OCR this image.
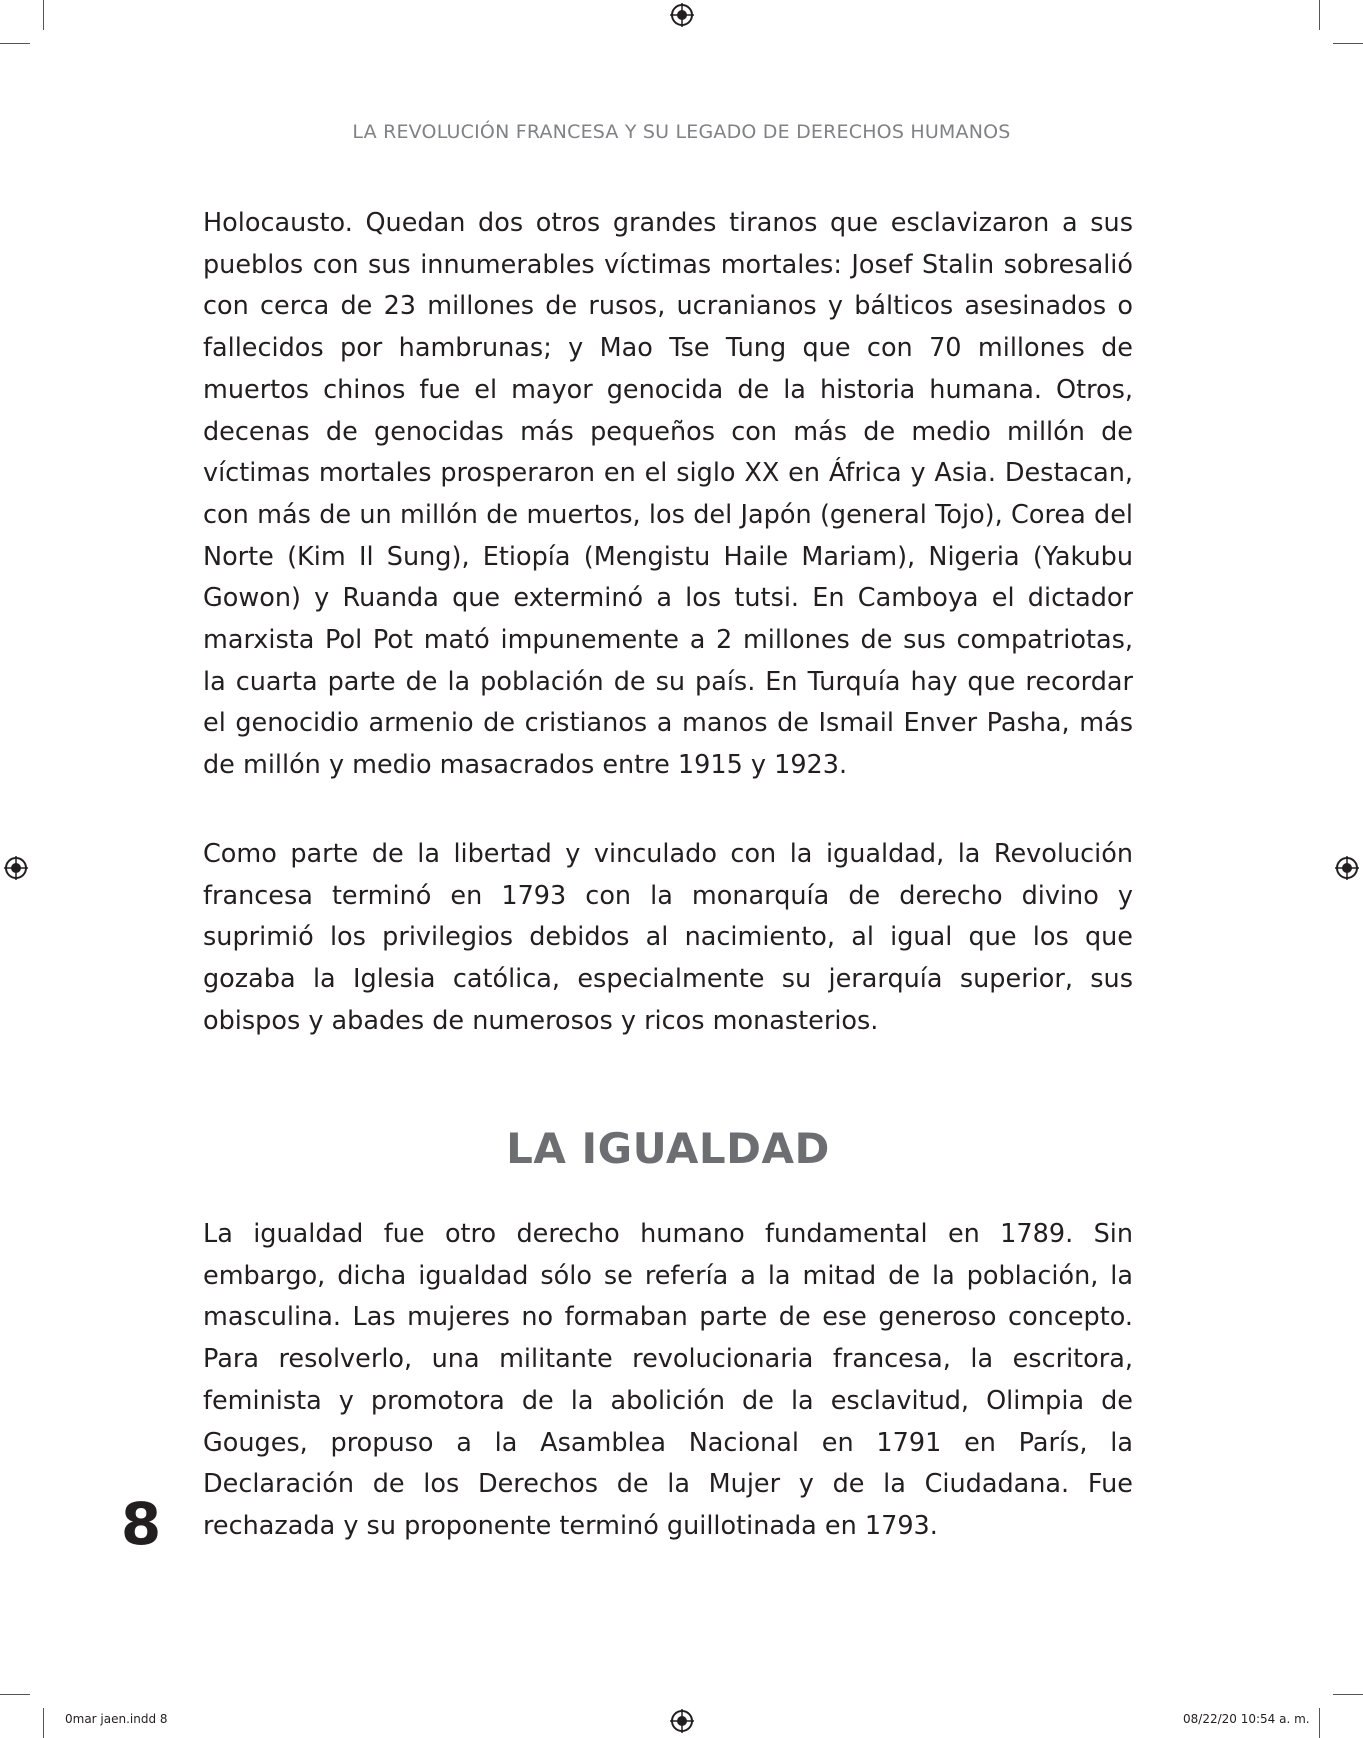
LA REVOLUCIÓN FRANCESA Y SU LEGADO DE DERECHOS HUMANOS

Holocausto. Quedan dos otros grandes tiranos que esclavizaron a sus pueblos con sus innumerables víctimas mortales: Josef Stalin sobresalió con cerca de 23 millones de rusos, ucranianos y bálticos asesinados o fallecidos por hambrunas; y Mao Tse Tung que con 70 millones de muertos chinos fue el mayor genocida de la historia humana. Otros, decenas de genocidas más pequeños con más de medio millón de víctimas mortales prosperaron en el siglo XX en África y Asia. Destacan, con más de un millón de muertos, los del Japón (general Tojo), Corea del Norte (Kim Il Sung), Etiopía (Mengistu Haile Mariam), Nigeria (Yakubu Gowon) y Ruanda que exterminó a los tutsi. En Camboya el dictador marxista Pol Pot mató impunemente a 2 millones de sus compatriotas, la cuarta parte de la población de su país. En Turquía hay que recordar el genocidio armenio de cristianos a manos de Ismail Enver Pasha, más de millón y medio masacrados entre 1915 y 1923.

Como parte de la libertad y vinculado con la igualdad, la Revolución francesa terminó en 1793 con la monarquía de derecho divino y suprimió los privilegios debidos al nacimiento, al igual que los que gozaba la Iglesia católica, especialmente su jerarquía superior, sus obispos y abades de numerosos y ricos monasterios.

LA IGUALDAD

La igualdad fue otro derecho humano fundamental en 1789. Sin embargo, dicha igualdad sólo se refería a la mitad de la población, la masculina. Las mujeres no formaban parte de ese generoso concepto. Para resolverlo, una militante revolucionaria francesa, la escritora, feminista y promotora de la abolición de la esclavitud, Olimpia de Gouges, propuso a la Asamblea Nacional en 1791 en París, la Declaración de los Derechos de la Mujer y de la Ciudadana. Fue rechazada y su proponente terminó guillotinada en 1793.

8
0mar jaen.indd 8	08/22/20 10:54 a. m.
